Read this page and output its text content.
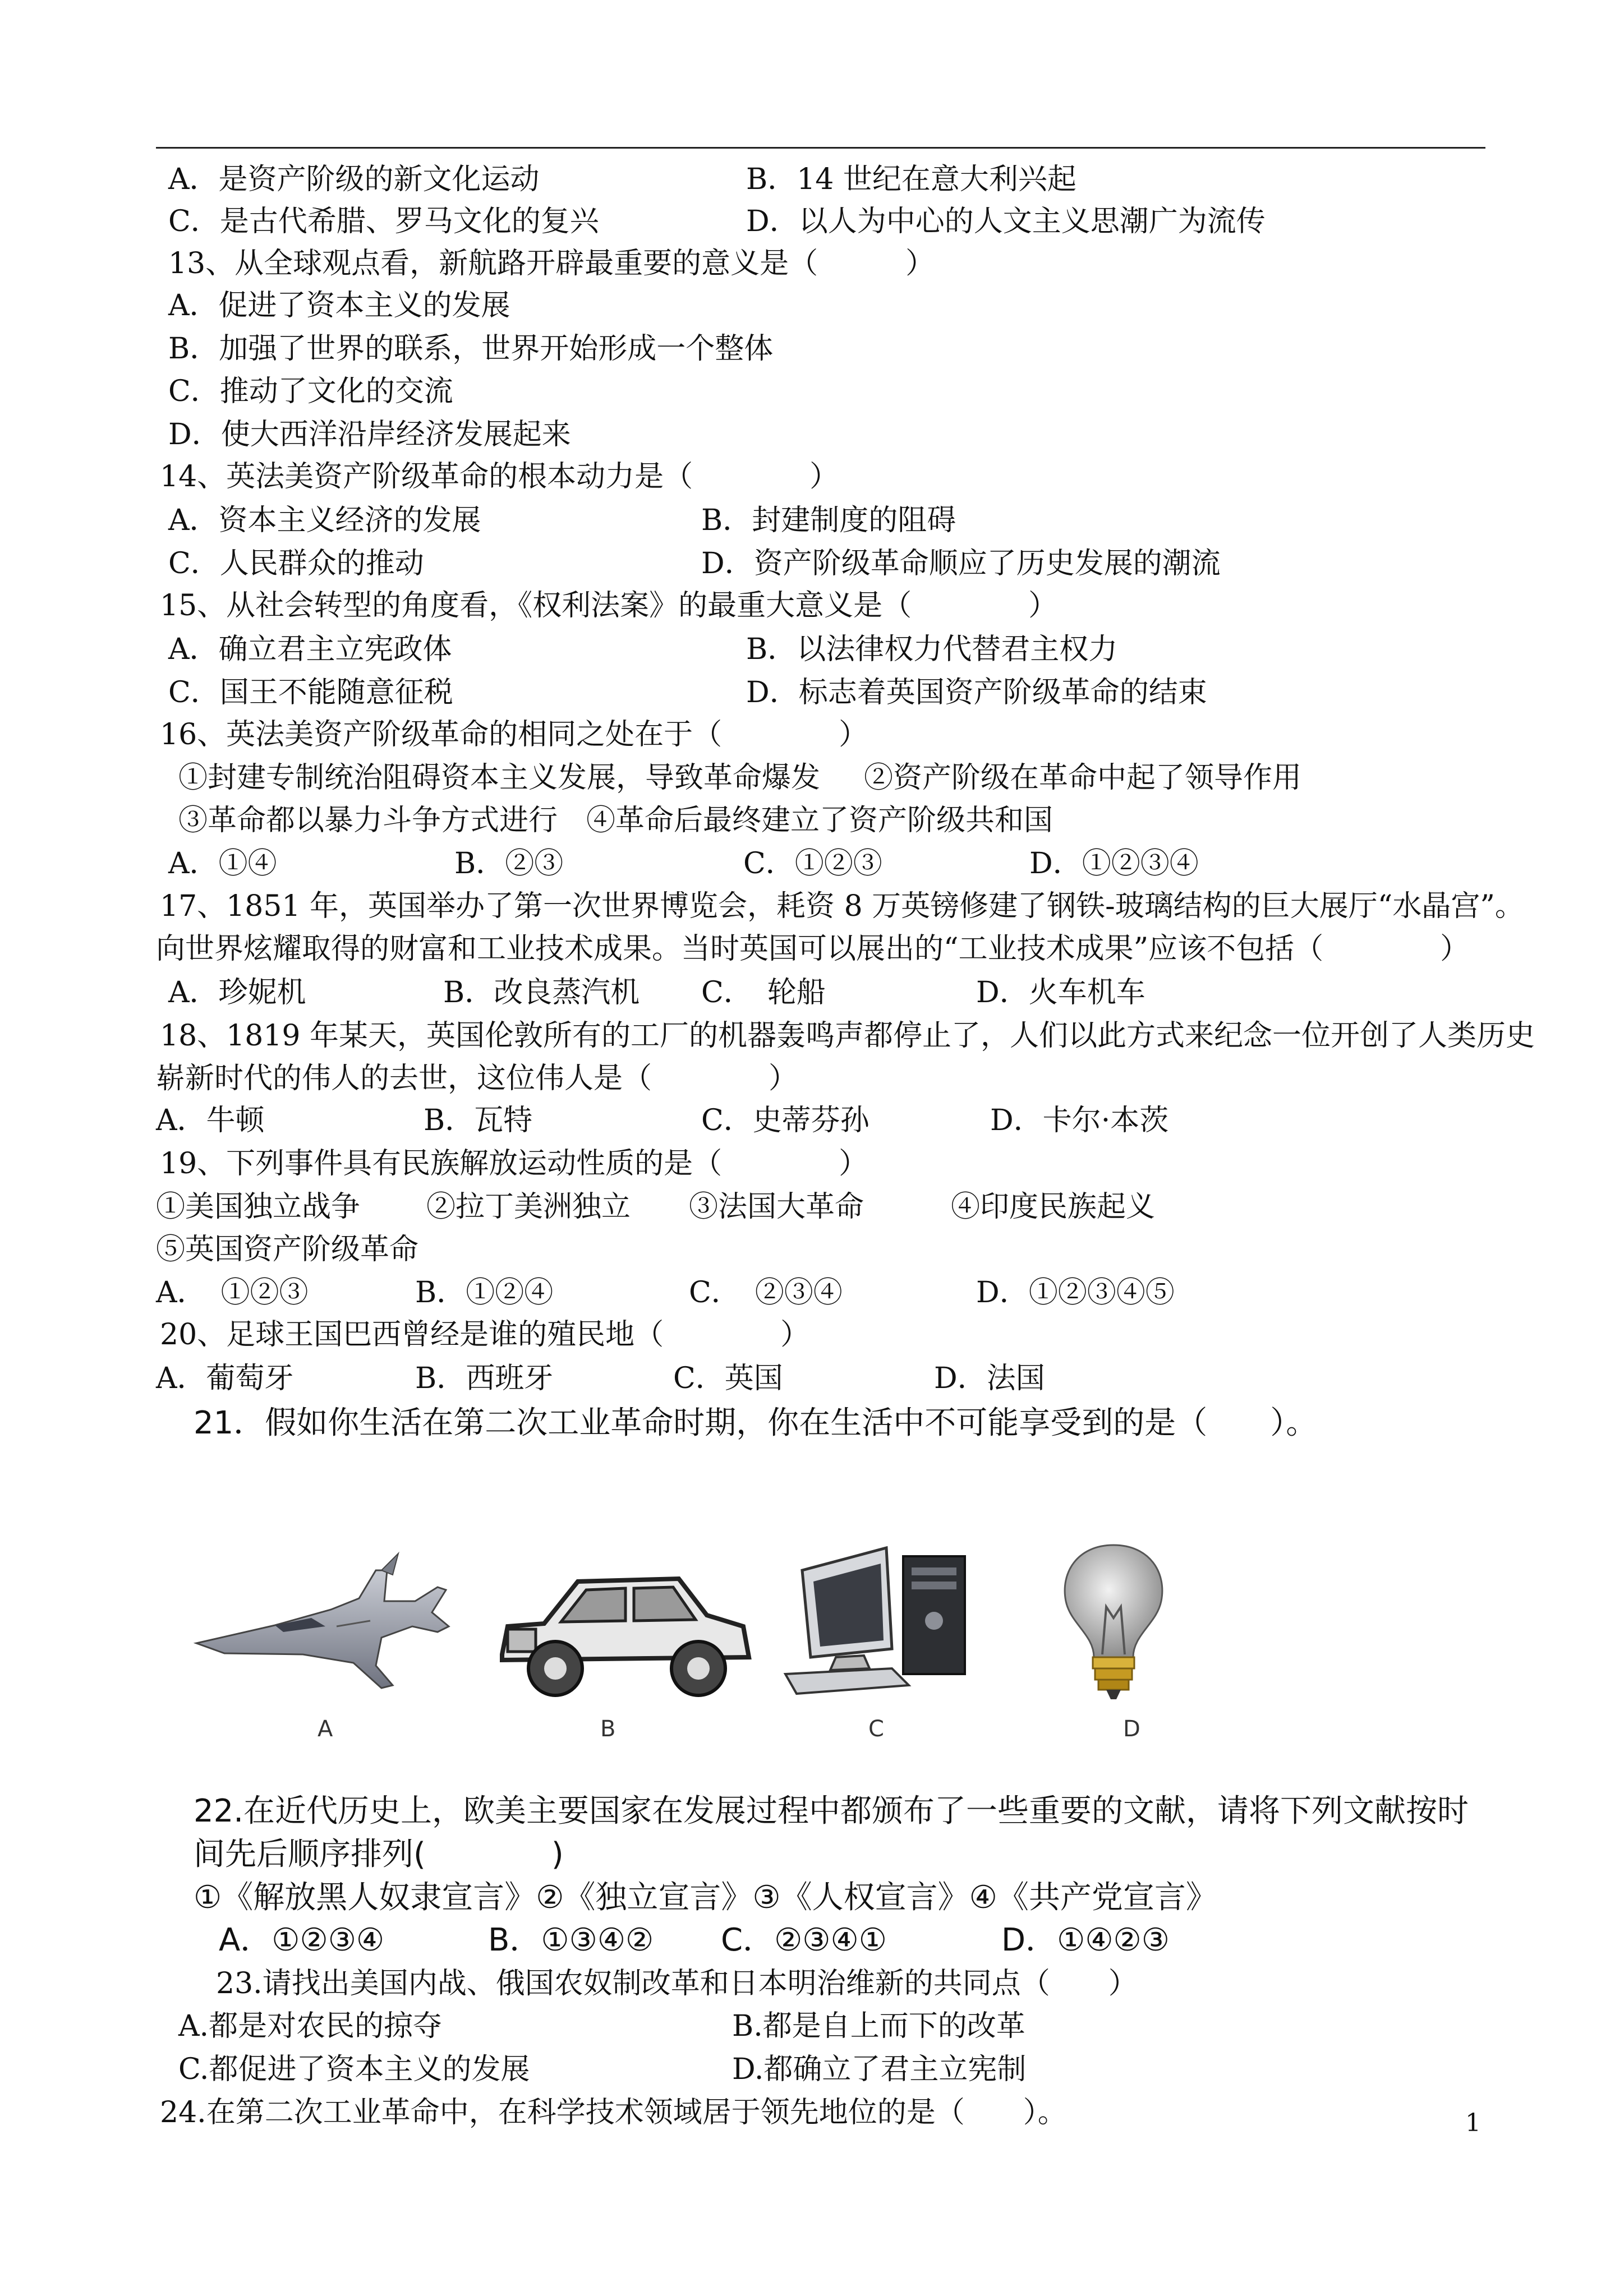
A．是资产阶级的新文化运动	B．14 世纪在意大利兴起
C．是古代希腊、罗马文化的复兴	D．以人为中心的人文主义思潮广为流传
13、从全球观点看，新航路开辟最重要的意义是（　　　）
A．促进了资本主义的发展
B．加强了世界的联系，世界开始形成一个整体
C．推动了文化的交流
D．使大西洋沿岸经济发展起来
14、英法美资产阶级革命的根本动力是（　　　　）
A．资本主义经济的发展	B．封建制度的阻碍
C．人民群众的推动	D．资产阶级革命顺应了历史发展的潮流
15、从社会转型的角度看，《权利法案》的最重大意义是（　　　　）
A．确立君主立宪政体	B．以法律权力代替君主权力
C．国王不能随意征税	D．标志着英国资产阶级革命的结束
16、英法美资产阶级革命的相同之处在于（　　　　）
①封建专制统治阻碍资本主义发展，导致革命爆发 ②资产阶级在革命中起了领导作用
③革命都以暴力斗争方式进行 ④革命后最终建立了资产阶级共和国
A．①④	B．②③	C．①②③	D．①②③④
17、1851 年，英国举办了第一次世界博览会，耗资 8 万英镑修建了钢铁-玻璃结构的巨大展厅“水晶宫”。
向世界炫耀取得的财富和工业技术成果。当时英国可以展出的“工业技术成果”应该不包括（　　　　）
A．珍妮机	B．改良蒸汽机 C．　轮船	D．火车机车
18、1819 年某天，英国伦敦所有的工厂的机器轰鸣声都停止了，人们以此方式来纪念一位开创了人类历史
崭新时代的伟人的去世，这位伟人是（　　　　）
A．牛顿	B．瓦特	C．史蒂芬孙	D．卡尔·本茨
19、下列事件具有民族解放运动性质的是（　　　　）
①美国独立战争 ②拉丁美洲独立 ③法国大革命	④印度民族起义
⑤英国资产阶级革命
A．　①②③	B．①②④	C．　②③④	D．①②③④⑤
20、足球王国巴西曾经是谁的殖民地（　　　　）
A．葡萄牙	B．西班牙	C．英国	D．法国
21．假如你生活在第二次工业革命时期，你在生活中不可能享受到的是（　　）。
A	B	C	D
22.在近代历史上，欧美主要国家在发展过程中都颁布了一些重要的文献，请将下列文献按时
间先后顺序排列(　　　　)
①《解放黑人奴隶宣言》②《独立宣言》③《人权宣言》④《共产党宣言》
A．①②③④	B．①③④② C．②③④①	D．①④②③
23.请找出美国内战、俄国农奴制改革和日本明治维新的共同点（　　）
A.都是对农民的掠夺	B.都是自上而下的改革
C.都促进了资本主义的发展	D.都确立了君主立宪制
24.在第二次工业革命中，在科学技术领域居于领先地位的是（　　）。	1
